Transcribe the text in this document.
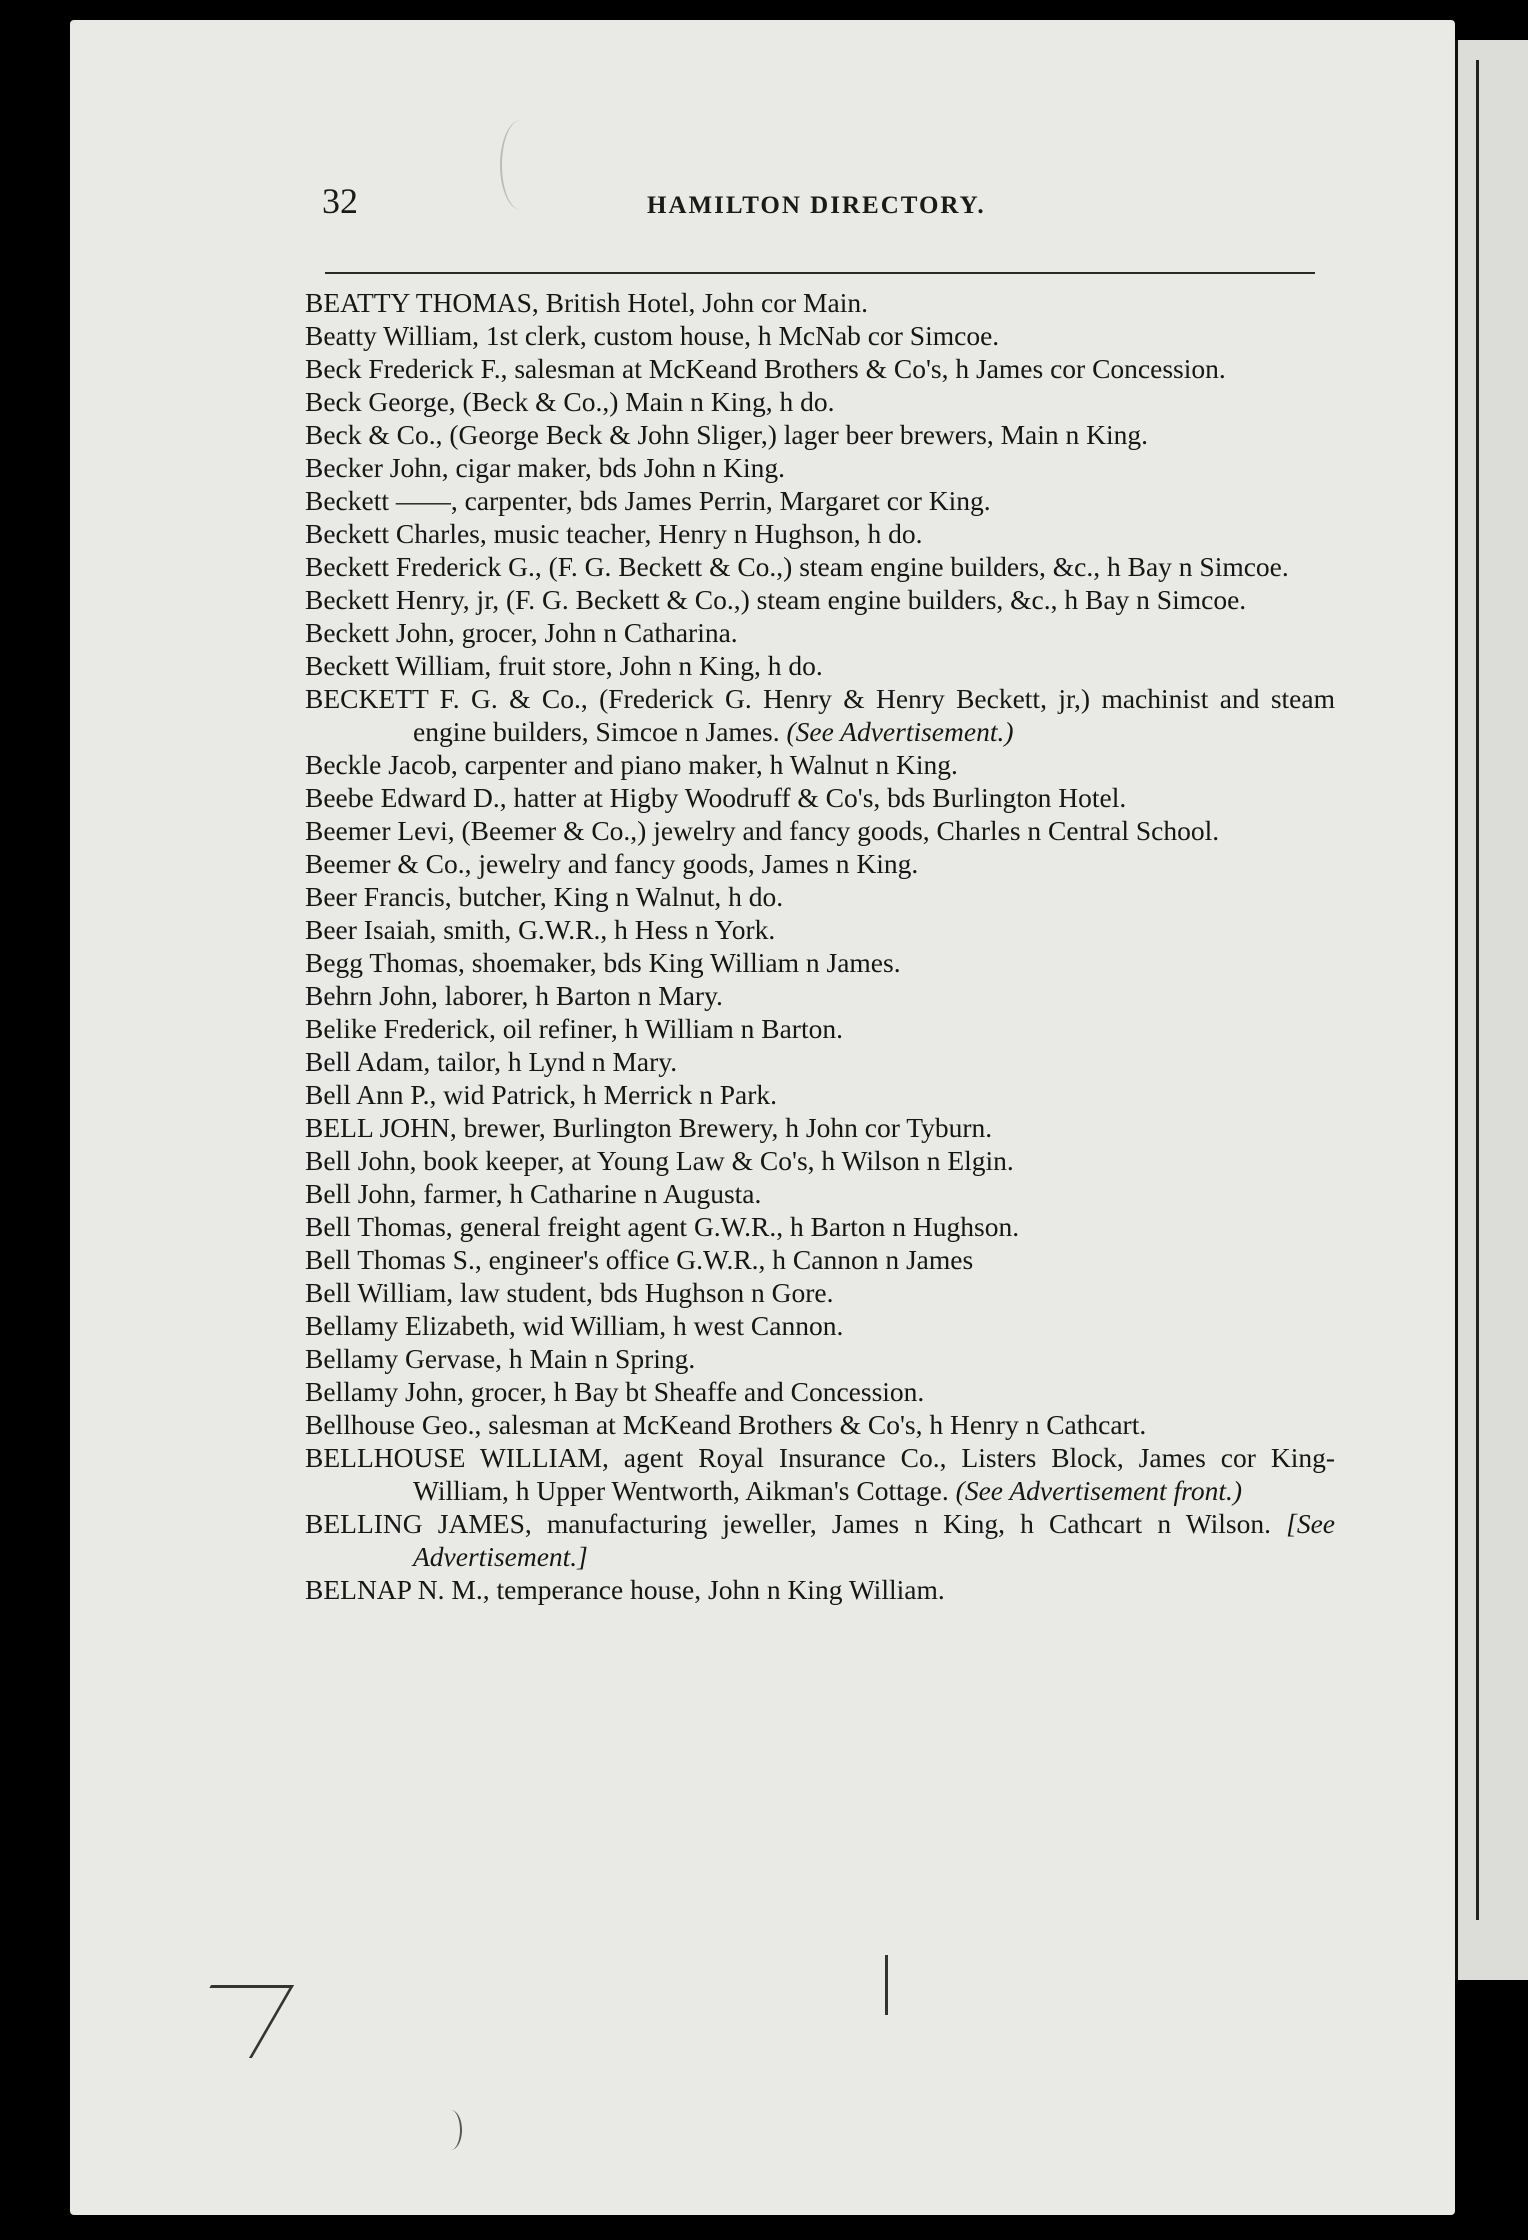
32	HAMILTON DIRECTORY.
BEATTY THOMAS, British Hotel, John cor Main.
Beatty William, 1st clerk, custom house, h McNab cor Simcoe.
Beck Frederick F., salesman at McKeand Brothers & Co's, h James cor Concession.
Beck George, (Beck & Co.,) Main n King, h do.
Beck & Co., (George Beck & John Sliger,) lager beer brewers, Main n King.
Becker John, cigar maker, bds John n King.
Beckett ——, carpenter, bds James Perrin, Margaret cor King.
Beckett Charles, music teacher, Henry n Hughson, h do.
Beckett Frederick G., (F. G. Beckett & Co.,) steam engine builders, &c., h Bay n Simcoe.
Beckett Henry, jr, (F. G. Beckett & Co.,) steam engine builders, &c., h Bay n Simcoe.
Beckett John, grocer, John n Catharina.
Beckett William, fruit store, John n King, h do.
BECKETT F. G. & Co., (Frederick G. Henry & Henry Beckett, jr,) machinist and steam engine builders, Simcoe n James. (See Advertisement.)
Beckle Jacob, carpenter and piano maker, h Walnut n King.
Beebe Edward D., hatter at Higby Woodruff & Co's, bds Burlington Hotel.
Beemer Levi, (Beemer & Co.,) jewelry and fancy goods, Charles n Central School.
Beemer & Co., jewelry and fancy goods, James n King.
Beer Francis, butcher, King n Walnut, h do.
Beer Isaiah, smith, G.W.R., h Hess n York.
Begg Thomas, shoemaker, bds King William n James.
Behrn John, laborer, h Barton n Mary.
Belike Frederick, oil refiner, h William n Barton.
Bell Adam, tailor, h Lynd n Mary.
Bell Ann P., wid Patrick, h Merrick n Park.
BELL JOHN, brewer, Burlington Brewery, h John cor Tyburn.
Bell John, book keeper, at Young Law & Co's, h Wilson n Elgin.
Bell John, farmer, h Catharine n Augusta.
Bell Thomas, general freight agent G.W.R., h Barton n Hughson.
Bell Thomas S., engineer's office G.W.R., h Cannon n James
Bell William, law student, bds Hughson n Gore.
Bellamy Elizabeth, wid William, h west Cannon.
Bellamy Gervase, h Main n Spring.
Bellamy John, grocer, h Bay bt Sheaffe and Concession.
Bellhouse Geo., salesman at McKeand Brothers & Co's, h Henry n Cathcart.
BELLHOUSE WILLIAM, agent Royal Insurance Co., Listers Block, James cor King-William, h Upper Wentworth, Aikman's Cottage. (See Advertisement front.)
BELLING JAMES, manufacturing jeweller, James n King, h Cathcart n Wilson. [See Advertisement.]
BELNAP N. M., temperance house, John n King William.
